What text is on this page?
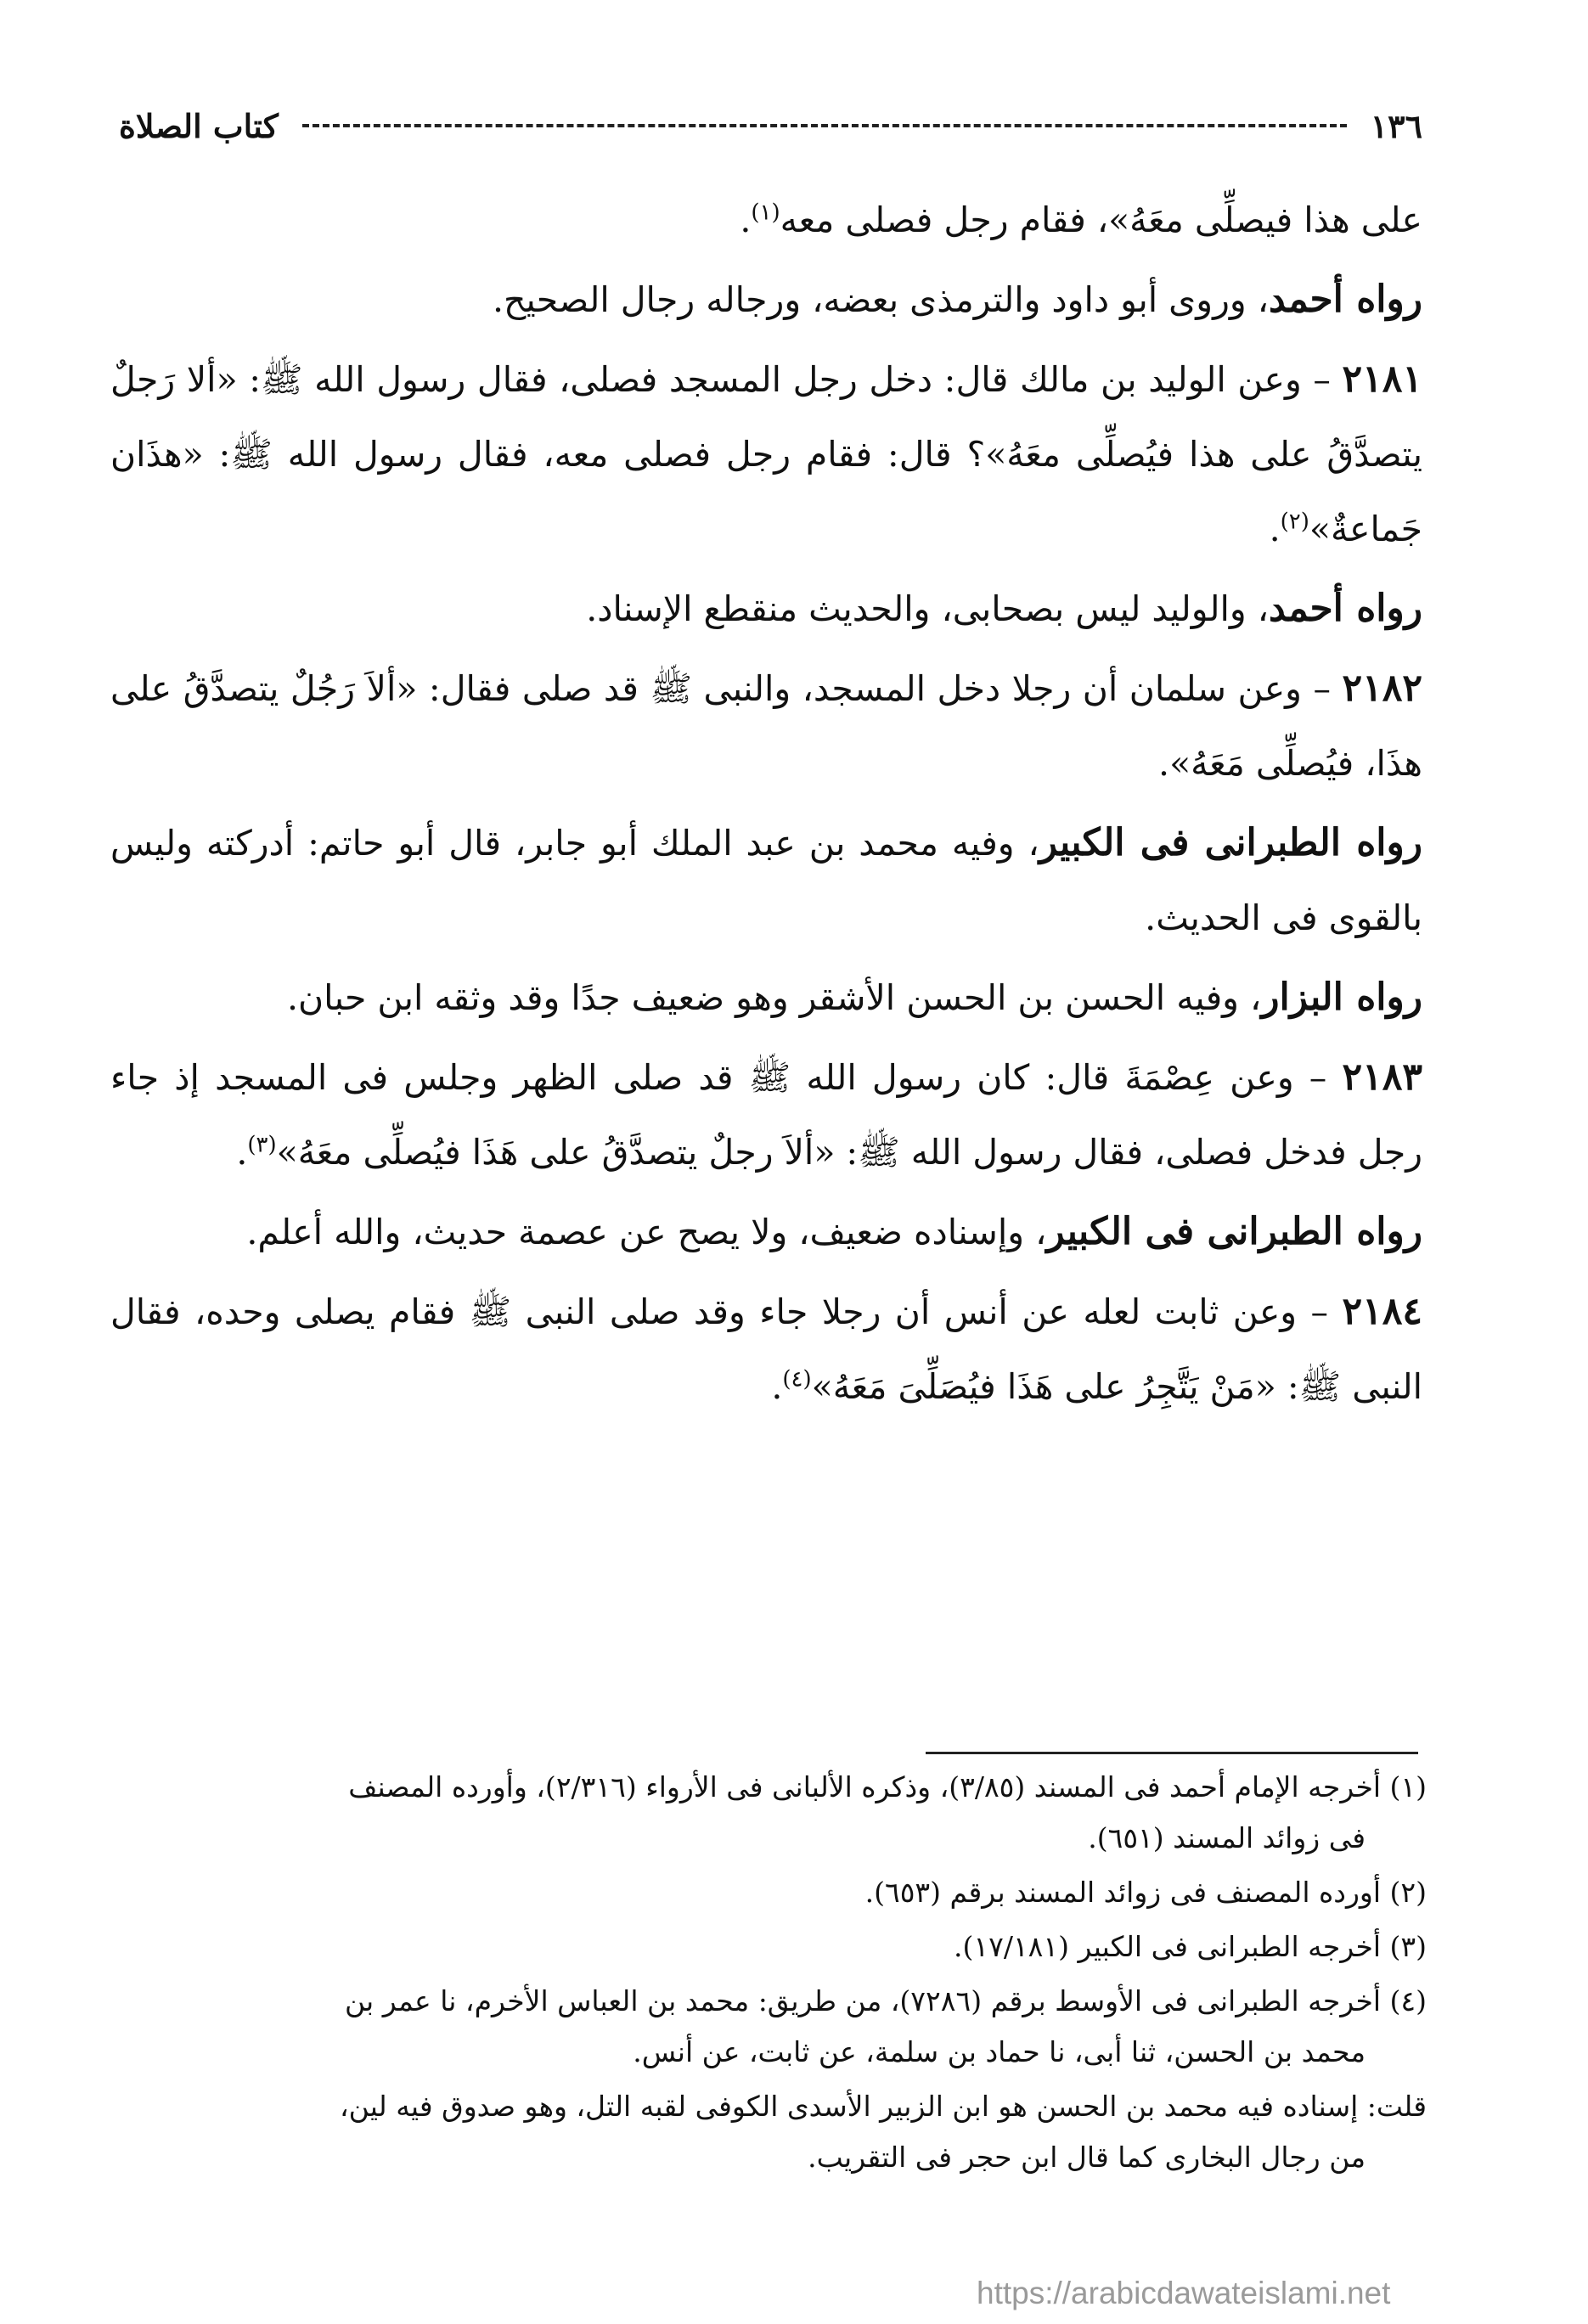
١٣٦
كتاب الصلاة

على هذا فيصلِّى معَهُ»، فقام رجل فصلى معه$^{(١)}$.

رواه أحمد، وروى أبو داود والترمذى بعضه، ورجاله رجال الصحيح.

٢١٨١ – وعن الوليد بن مالك قال: دخل رجل المسجد فصلى، فقال رسول الله ﷺ: «ألا رَجلٌ يتصدَّقُ على هذا فيُصلِّى معَهُ»؟ قال: فقام رجل فصلى معه، فقال رسول الله ﷺ: «هذَان جَماعةٌ»$^{(٢)}$.

رواه أحمد، والوليد ليس بصحابى، والحديث منقطع الإسناد.

٢١٨٢ – وعن سلمان أن رجلا دخل المسجد، والنبى ﷺ قد صلى فقال: «ألاَ رَجُلٌ يتصدَّقُ على هذَا، فيُصلِّى مَعَهُ».

رواه الطبرانى فى الكبير، وفيه محمد بن عبد الملك أبو جابر، قال أبو حاتم: أدركته وليس بالقوى فى الحديث.

رواه البزار، وفيه الحسن بن الحسن الأشقر وهو ضعيف جدًا وقد وثقه ابن حبان.

٢١٨٣ – وعن عِصْمَةَ قال: كان رسول الله ﷺ قد صلى الظهر وجلس فى المسجد إذ جاء رجل فدخل فصلى، فقال رسول الله ﷺ: «ألاَ رجلٌ يتصدَّقُ على هَذَا فيُصلِّى معَهُ»$^{(٣)}$.

رواه الطبرانى فى الكبير، وإسناده ضعيف، ولا يصح عن عصمة حديث، والله أعلم.

٢١٨٤ – وعن ثابت لعله عن أنس أن رجلا جاء وقد صلى النبى ﷺ فقام يصلى وحده، فقال النبى ﷺ: «مَنْ يَتَّجِرُ على هَذَا فيُصَلِّىَ مَعَهُ»$^{(٤)}$.

(١) أخرجه الإمام أحمد فى المسند (٣/٨٥)، وذكره الألبانى فى الأرواء (٢/٣١٦)، وأورده المصنف
فى زوائد المسند (٦٥١).

(٢) أورده المصنف فى زوائد المسند برقم (٦٥٣).

(٣) أخرجه الطبرانى فى الكبير (١٧/١٨١).

(٤) أخرجه الطبرانى فى الأوسط برقم (٧٢٨٦)، من طريق: محمد بن العباس الأخرم، نا عمر بن
محمد بن الحسن، ثنا أبى، نا حماد بن سلمة، عن ثابت، عن أنس.

قلت: إسناده فيه محمد بن الحسن هو ابن الزبير الأسدى الكوفى لقبه التل، وهو صدوق فيه لين،
من رجال البخارى كما قال ابن حجر فى التقريب.

https://arabicdawateislami.net
